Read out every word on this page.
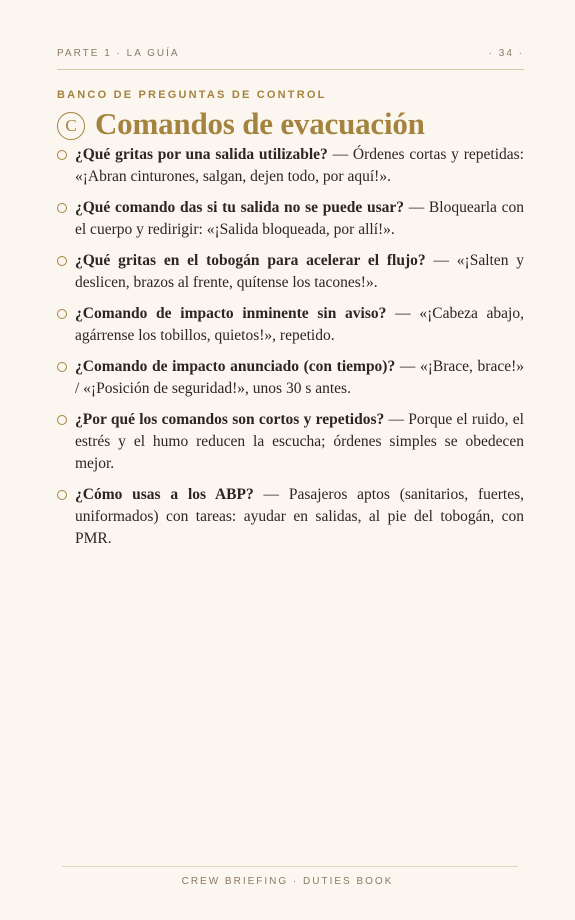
PARTE 1 · LA GUÍA	· 34 ·
BANCO DE PREGUNTAS DE CONTROL
C Comandos de evacuación
¿Qué gritas por una salida utilizable? — Órdenes cortas y repetidas: «¡Abran cinturones, salgan, dejen todo, por aquí!».
¿Qué comando das si tu salida no se puede usar? — Bloquearla con el cuerpo y redirigir: «¡Salida bloqueada, por allí!».
¿Qué gritas en el tobogán para acelerar el flujo? — «¡Salten y deslicen, brazos al frente, quítense los tacones!».
¿Comando de impacto inminente sin aviso? — «¡Cabeza abajo, agárrense los tobillos, quietos!», repetido.
¿Comando de impacto anunciado (con tiempo)? — «¡Brace, brace!» / «¡Posición de seguridad!», unos 30 s antes.
¿Por qué los comandos son cortos y repetidos? — Porque el ruido, el estrés y el humo reducen la escucha; órdenes simples se obedecen mejor.
¿Cómo usas a los ABP? — Pasajeros aptos (sanitarios, fuertes, uniformados) con tareas: ayudar en salidas, al pie del tobogán, con PMR.
CREW BRIEFING · DUTIES BOOK
